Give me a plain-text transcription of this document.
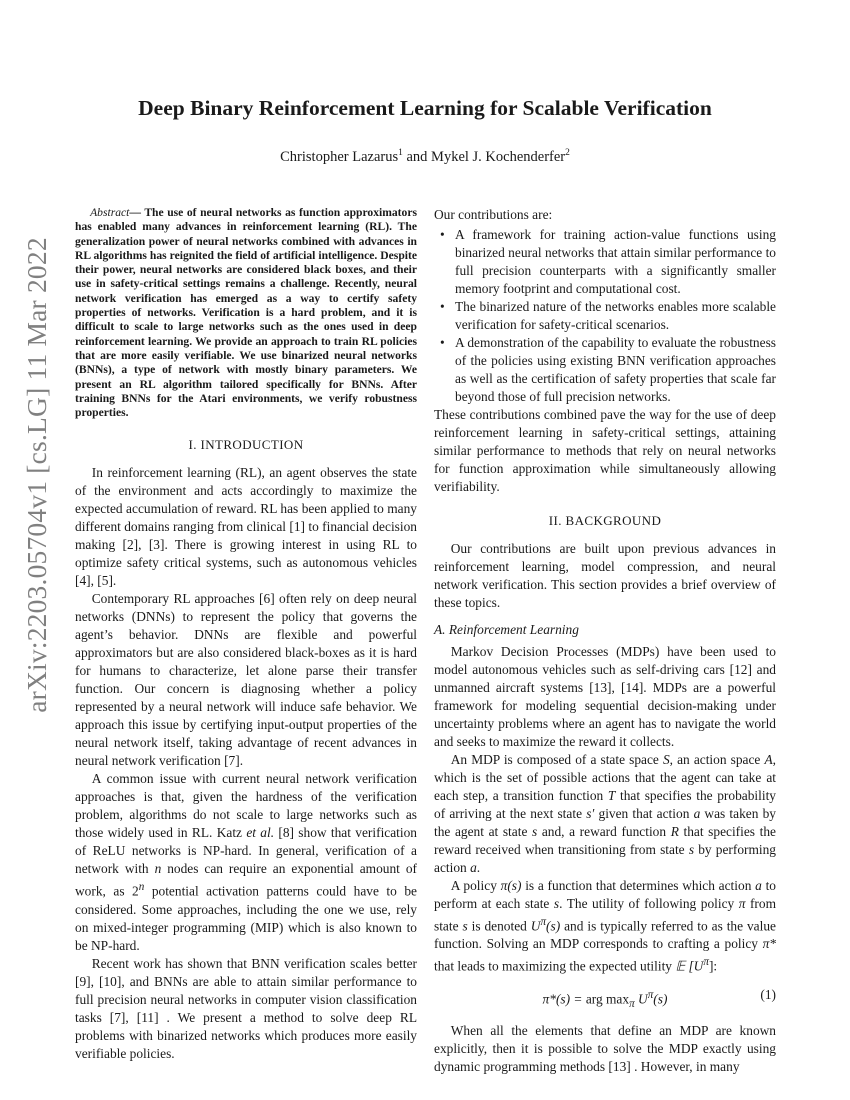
arXiv:2203.05704v1 [cs.LG] 11 Mar 2022
Deep Binary Reinforcement Learning for Scalable Verification
Christopher Lazarus$^1$ and Mykel J. Kochenderfer$^2$

Abstract— The use of neural networks as function approximators has enabled many advances in reinforcement learning (RL). The generalization power of neural networks combined with advances in RL algorithms has reignited the field of artificial intelligence. Despite their power, neural networks are considered black boxes, and their use in safety-critical settings remains a challenge. Recently, neural network verification has emerged as a way to certify safety properties of networks. Verification is a hard problem, and it is difficult to scale to large networks such as the ones used in deep reinforcement learning. We provide an approach to train RL policies that are more easily verifiable. We use binarized neural networks (BNNs), a type of network with mostly binary parameters. We present an RL algorithm tailored specifically for BNNs. After training BNNs for the Atari environments, we verify robustness properties.

I. INTRODUCTION

In reinforcement learning (RL), an agent observes the state of the environment and acts accordingly to maximize the expected accumulation of reward. RL has been applied to many different domains ranging from clinical [1] to financial decision making [2], [3]. There is growing interest in using RL to optimize safety critical systems, such as autonomous vehicles [4], [5].

Contemporary RL approaches [6] often rely on deep neural networks (DNNs) to represent the policy that governs the agent’s behavior. DNNs are flexible and powerful approximators but are also considered black-boxes as it is hard for humans to characterize, let alone parse their transfer function. Our concern is diagnosing whether a policy represented by a neural network will induce safe behavior. We approach this issue by certifying input-output properties of the neural network itself, taking advantage of recent advances in neural network verification [7].

A common issue with current neural network verification approaches is that, given the hardness of the verification problem, algorithms do not scale to large networks such as those widely used in RL. Katz et al. [8] show that verification of ReLU networks is NP-hard. In general, verification of a network with n nodes can require an exponential amount of work, as 2$^n$ potential activation patterns could have to be considered. Some approaches, including the one we use, rely on mixed-integer programming (MIP) which is also known to be NP-hard.

Recent work has shown that BNN verification scales better [9], [10], and BNNs are able to attain similar performance to full precision neural networks in computer vision classification tasks [7], [11] . We present a method to solve deep RL problems with binarized networks which produces more easily verifiable policies.

Our contributions are:

• A framework for training action-value functions using binarized neural networks that attain similar performance to full precision counterparts with a significantly smaller memory footprint and computational cost.
• The binarized nature of the networks enables more scalable verification for safety-critical scenarios.
• A demonstration of the capability to evaluate the robustness of the policies using existing BNN verification approaches as well as the certification of safety properties that scale far beyond those of full precision networks.

These contributions combined pave the way for the use of deep reinforcement learning in safety-critical settings, attaining similar performance to methods that rely on neural networks for function approximation while simultaneously allowing verifiability.

II. BACKGROUND

Our contributions are built upon previous advances in reinforcement learning, model compression, and neural network verification. This section provides a brief overview of these topics.

A. Reinforcement Learning

Markov Decision Processes (MDPs) have been used to model autonomous vehicles such as self-driving cars [12] and unmanned aircraft systems [13], [14]. MDPs are a powerful framework for modeling sequential decision-making under uncertainty problems where an agent has to navigate the world and seeks to maximize the reward it collects.

An MDP is composed of a state space S, an action space A, which is the set of possible actions that the agent can take at each step, a transition function T that specifies the probability of arriving at the next state s′ given that action a was taken by the agent at state s and, a reward function R that specifies the reward received when transitioning from state s by performing action a.

A policy π(s) is a function that determines which action a to perform at each state s. The utility of following policy π from state s is denoted $U^\pi(s)$ and is typically referred to as the value function. Solving an MDP corresponds to crafting a policy π* that leads to maximizing the expected utility 𝔼 $[U^\pi]$:

π*(s) = arg $\max_\pi U^\pi(s)$	(1)

When all the elements that define an MDP are known explicitly, then it is possible to solve the MDP exactly using dynamic programming methods [13] . However, in many
